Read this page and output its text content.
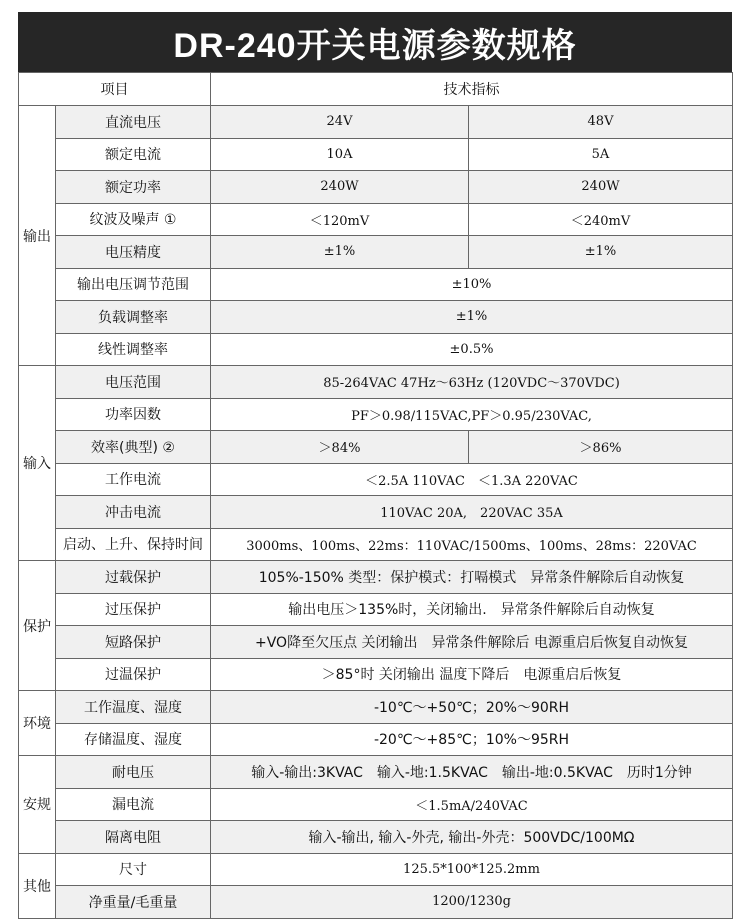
DR-240开关电源参数规格
项目		技术指标	
输出	直流电压	24V	48V
	额定电流	10A	5A
	额定功率	240W	240W
	纹波及噪声 ①	＜120mV	＜240mV
	电压精度	±1%	±1%
	输出电压调节范围	±10%	
	负载调整率	±1%	
	线性调整率	±0.5%	
输入	电压范围	85-264VAC 47Hz～63Hz (120VDC～370VDC)	
	功率因数	PF＞0.98/115VAC,PF＞0.95/230VAC,	
	效率(典型) ②	＞84%	＞86%
	工作电流	＜2.5A 110VAC　＜1.3A 220VAC	
	冲击电流	110VAC 20A,　220VAC 35A	
	启动、上升、保持时间	3000ms、100ms、22ms：110VAC/1500ms、100ms、28ms：220VAC	
保护	过载保护	105%-150% 类型：保护模式：打嗝模式　异常条件解除后自动恢复	
	过压保护	输出电压＞135%时，关闭输出.　异常条件解除后自动恢复	
	短路保护	+VO降至欠压点 关闭输出　异常条件解除后 电源重启后恢复自动恢复	
	过温保护	＞85°时 关闭输出 温度下降后　电源重启后恢复	
环境	工作温度、湿度	-10℃～+50℃；20%～90RH	
	存储温度、湿度	-20℃～+85℃；10%～95RH	
安规	耐电压	输入-输出:3KVAC　输入-地:1.5KVAC　输出-地:0.5KVAC　历时1分钟	
	漏电流	＜1.5mA/240VAC	
	隔离电阻	输入-输出, 输入-外壳, 输出-外壳：500VDC/100MΩ	
其他	尺寸	125.5*100*125.2mm	
	净重量/毛重量	1200/1230g	
